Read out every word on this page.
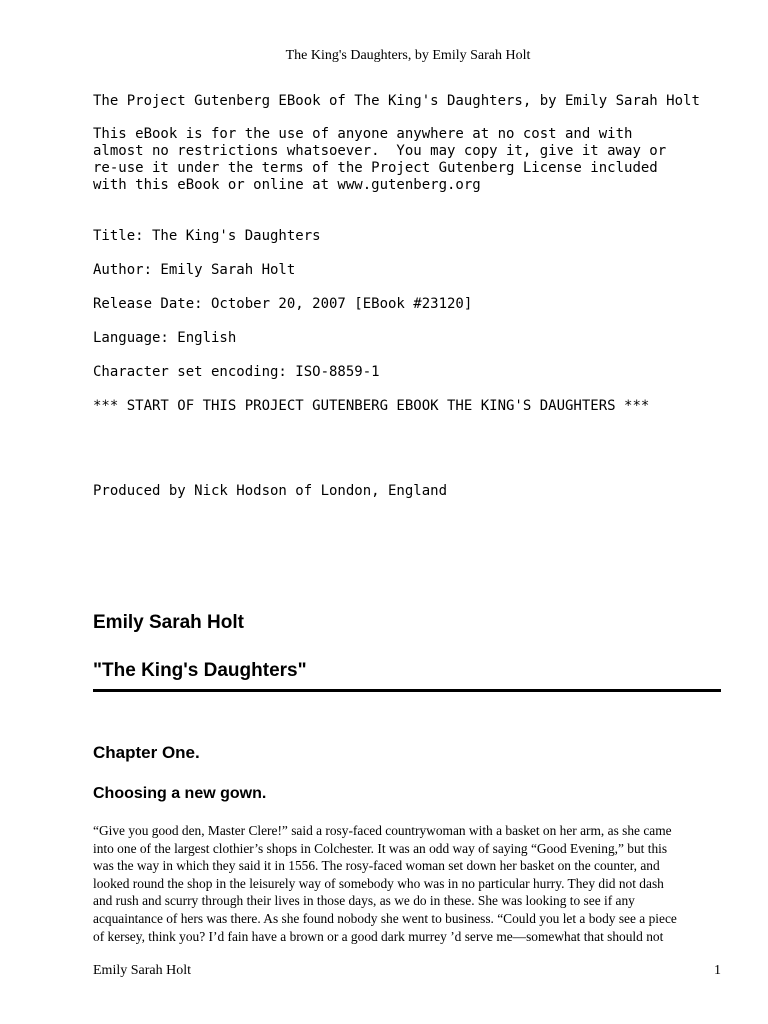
The King's Daughters, by Emily Sarah Holt
The Project Gutenberg EBook of The King's Daughters, by Emily Sarah Holt
This eBook is for the use of anyone anywhere at no cost and with
almost no restrictions whatsoever.  You may copy it, give it away or
re-use it under the terms of the Project Gutenberg License included
with this eBook or online at www.gutenberg.org
Title: The King's Daughters
Author: Emily Sarah Holt
Release Date: October 20, 2007 [EBook #23120]
Language: English
Character set encoding: ISO-8859-1
*** START OF THIS PROJECT GUTENBERG EBOOK THE KING'S DAUGHTERS ***
Produced by Nick Hodson of London, England
Emily Sarah Holt
"The King's Daughters"
Chapter One.
Choosing a new gown.
“Give you good den, Master Clere!” said a rosy-faced countrywoman with a basket on her arm, as she came
into one of the largest clothier’s shops in Colchester. It was an odd way of saying “Good Evening,” but this
was the way in which they said it in 1556. The rosy-faced woman set down her basket on the counter, and
looked round the shop in the leisurely way of somebody who was in no particular hurry. They did not dash
and rush and scurry through their lives in those days, as we do in these. She was looking to see if any
acquaintance of hers was there. As she found nobody she went to business. “Could you let a body see a piece
of kersey, think you? I’d fain have a brown or a good dark murrey ’d serve me—somewhat that should not
Emily Sarah Holt	1
